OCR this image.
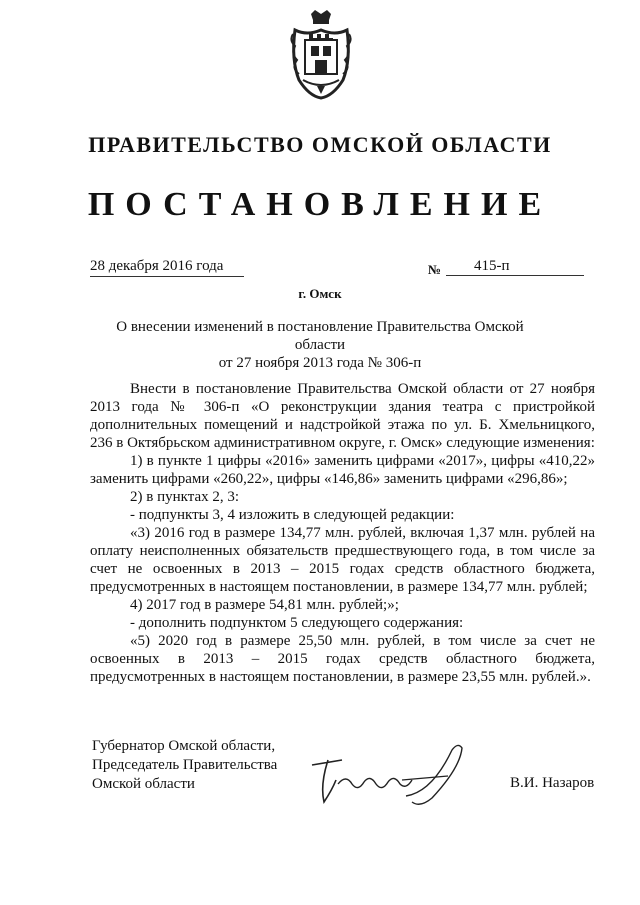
ПРАВИТЕЛЬСТВО ОМСКОЙ ОБЛАСТИ
ПОСТАНОВЛЕНИЕ
28 декабря 2016 года	№	415-п
г. Омск
О внесении изменений в постановление Правительства Омской области
от 27 ноября 2013 года № 306-п

Внести в постановление Правительства Омской области от 27 ноября 2013 года № 306-п «О реконструкции здания театра с пристройкой дополнительных помещений и надстройкой этажа по ул. Б. Хмельницкого, 236 в Октябрьском административном округе, г. Омск» следующие изменения:

1) в пункте 1 цифры «2016» заменить цифрами «2017», цифры «410,22» заменить цифрами «260,22», цифры «146,86» заменить цифрами «296,86»;

2) в пунктах 2, 3:

- подпункты 3, 4 изложить в следующей редакции:

«3) 2016 год в размере 134,77 млн. рублей, включая 1,37 млн. рублей на оплату неисполненных обязательств предшествующего года, в том числе за счет не освоенных в 2013 – 2015 годах средств областного бюджета, предусмотренных в настоящем постановлении, в размере 134,77 млн. рублей;

4) 2017 год в размере 54,81 млн. рублей;»;

- дополнить подпунктом 5 следующего содержания:

«5) 2020 год в размере 25,50 млн. рублей, в том числе за счет не освоенных в 2013 – 2015 годах средств областного бюджета, предусмотренных в настоящем постановлении, в размере 23,55 млн. рублей.».

Губернатор Омской области,
Председатель Правительства
Омской области	В.И. Назаров
